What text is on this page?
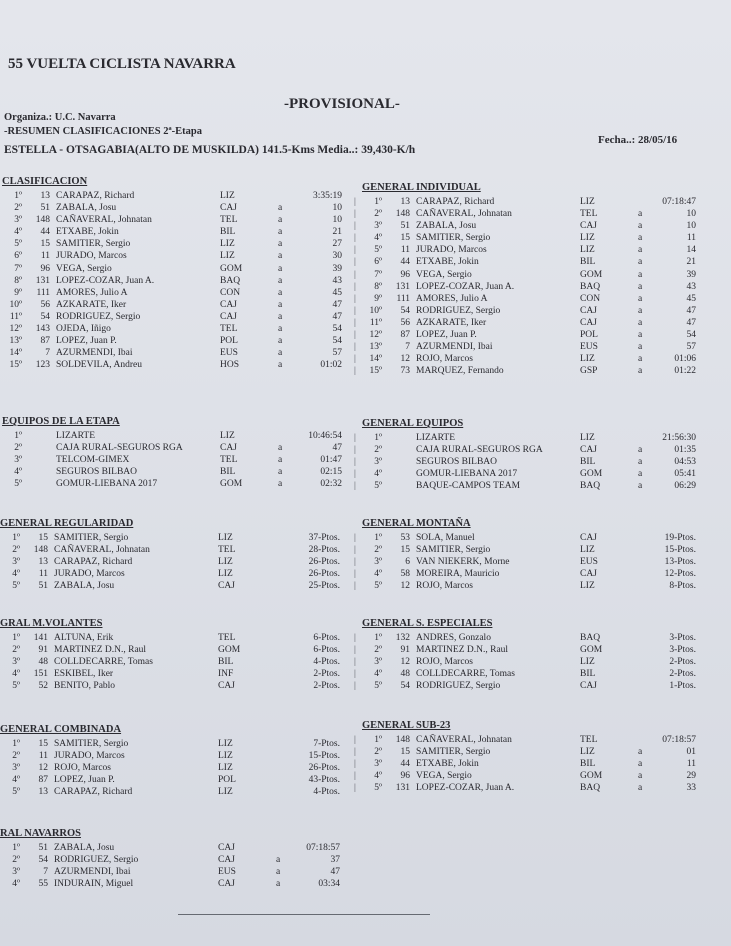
55 VUELTA CICLISTA NAVARRA
-PROVISIONAL-
Organiza.: U.C. Navarra
-RESUMEN CLASIFICACIONES 2ª-Etapa
ESTELLA - OTSAGABIA(ALTO DE MUSKILDA) 141.5-Kms Media..: 39,430-K/h
Fecha..: 28/05/16
CLASIFICACION
1º	13 CARAPAZ, Richard	LIZ	3:35:19
2º	51 ZABALA, Josu	CAJ	a	10
3º	148 CAÑAVERAL, Johnatan	TEL	a	10
4º	44 ETXABE, Jokin	BIL	a	21
5º	15 SAMITIER, Sergio	LIZ	a	27
6º	11 JURADO, Marcos	LIZ	a	30
7º	96 VEGA, Sergio	GOM	a	39
8º	131 LOPEZ-COZAR, Juan A.	BAQ	a	43
9º	111 AMORES, Julio A	CON	a	45
10º	56 AZKARATE, Iker	CAJ	a	47
11º	54 RODRIGUEZ, Sergio	CAJ	a	47
12º	143 OJEDA, Iñigo	TEL	a	54
13º	87 LOPEZ, Juan P.	POL	a	54
14º	7 AZURMENDI, Ibai	EUS	a	57
15º	123 SOLDEVILA, Andreu	HOS	a	01:02
GENERAL INDIVIDUAL
|	1º	13 CARAPAZ, Richard	LIZ	07:18:47
|	2º	148 CAÑAVERAL, Johnatan	TEL	a	10
|	3º	51 ZABALA, Josu	CAJ	a	10
|	4º	15 SAMITIER, Sergio	LIZ	a	11
|	5º	11 JURADO, Marcos	LIZ	a	14
|	6º	44 ETXABE, Jokin	BIL	a	21
|	7º	96 VEGA, Sergio	GOM	a	39
|	8º	131 LOPEZ-COZAR, Juan A.	BAQ	a	43
|	9º	111 AMORES, Julio A	CON	a	45
|	10º	54 RODRIGUEZ, Sergio	CAJ	a	47
|	11º	56 AZKARATE, Iker	CAJ	a	47
|	12º	87 LOPEZ, Juan P.	POL	a	54
|	13º	7 AZURMENDI, Ibai	EUS	a	57
|	14º	12 ROJO, Marcos	LIZ	a	01:06
|	15º	73 MARQUEZ, Fernando	GSP	a	01:22
EQUIPOS DE LA ETAPA
1º	LIZARTE	LIZ	10:46:54
2º	CAJA RURAL-SEGUROS RGA	CAJ	a	47
3º	TELCOM-GIMEX	TEL	a	01:47
4º	SEGUROS BILBAO	BIL	a	02:15
5º	GOMUR-LIEBANA 2017	GOM	a	02:32
GENERAL EQUIPOS
|	1º	LIZARTE	LIZ	21:56:30
|	2º	CAJA RURAL-SEGUROS RGA	CAJ	a	01:35
|	3º	SEGUROS BILBAO	BIL	a	04:53
|	4º	GOMUR-LIEBANA 2017	GOM	a	05:41
|	5º	BAQUE-CAMPOS TEAM	BAQ	a	06:29
GENERAL REGULARIDAD
1º	15 SAMITIER, Sergio	LIZ	37-Ptos.
2º	148 CAÑAVERAL, Johnatan	TEL	28-Ptos.
3º	13 CARAPAZ, Richard	LIZ	26-Ptos.
4º	11 JURADO, Marcos	LIZ	26-Ptos.
5º	51 ZABALA, Josu	CAJ	25-Ptos.
GENERAL MONTAÑA
|	1º	53 SOLA, Manuel	CAJ	19-Ptos.
|	2º	15 SAMITIER, Sergio	LIZ	15-Ptos.
|	3º	6 VAN NIEKERK, Morne	EUS	13-Ptos.
|	4º	58 MOREIRA, Mauricio	CAJ	12-Ptos.
|	5º	12 ROJO, Marcos	LIZ	8-Ptos.
GRAL M.VOLANTES
1º	141 ALTUNA, Erik	TEL	6-Ptos.
2º	91 MARTINEZ D.N., Raul	GOM	6-Ptos.
3º	48 COLLDECARRE, Tomas	BIL	4-Ptos.
4º	151 ESKIBEL, Iker	INF	2-Ptos.
5º	52 BENITO, Pablo	CAJ	2-Ptos.
GENERAL S. ESPECIALES
|	1º	132 ANDRES, Gonzalo	BAQ	3-Ptos.
|	2º	91 MARTINEZ D.N., Raul	GOM	3-Ptos.
|	3º	12 ROJO, Marcos	LIZ	2-Ptos.
|	4º	48 COLLDECARRE, Tomas	BIL	2-Ptos.
|	5º	54 RODRIGUEZ, Sergio	CAJ	1-Ptos.
GENERAL COMBINADA
1º	15 SAMITIER, Sergio	LIZ	7-Ptos.
2º	11 JURADO, Marcos	LIZ	15-Ptos.
3º	12 ROJO, Marcos	LIZ	26-Ptos.
4º	87 LOPEZ, Juan P.	POL	43-Ptos.
5º	13 CARAPAZ, Richard	LIZ	4-Ptos.
GENERAL SUB-23
|	1º	148 CAÑAVERAL, Johnatan	TEL	07:18:57
|	2º	15 SAMITIER, Sergio	LIZ	a	01
|	3º	44 ETXABE, Jokin	BIL	a	11
|	4º	96 VEGA, Sergio	GOM	a	29
|	5º	131 LOPEZ-COZAR, Juan A.	BAQ	a	33
RAL NAVARROS
1º	51 ZABALA, Josu	CAJ	07:18:57
2º	54 RODRIGUEZ, Sergio	CAJ	a	37
3º	7 AZURMENDI, Ibai	EUS	a	47
4º	55 INDURAIN, Miguel	CAJ	a	03:34
